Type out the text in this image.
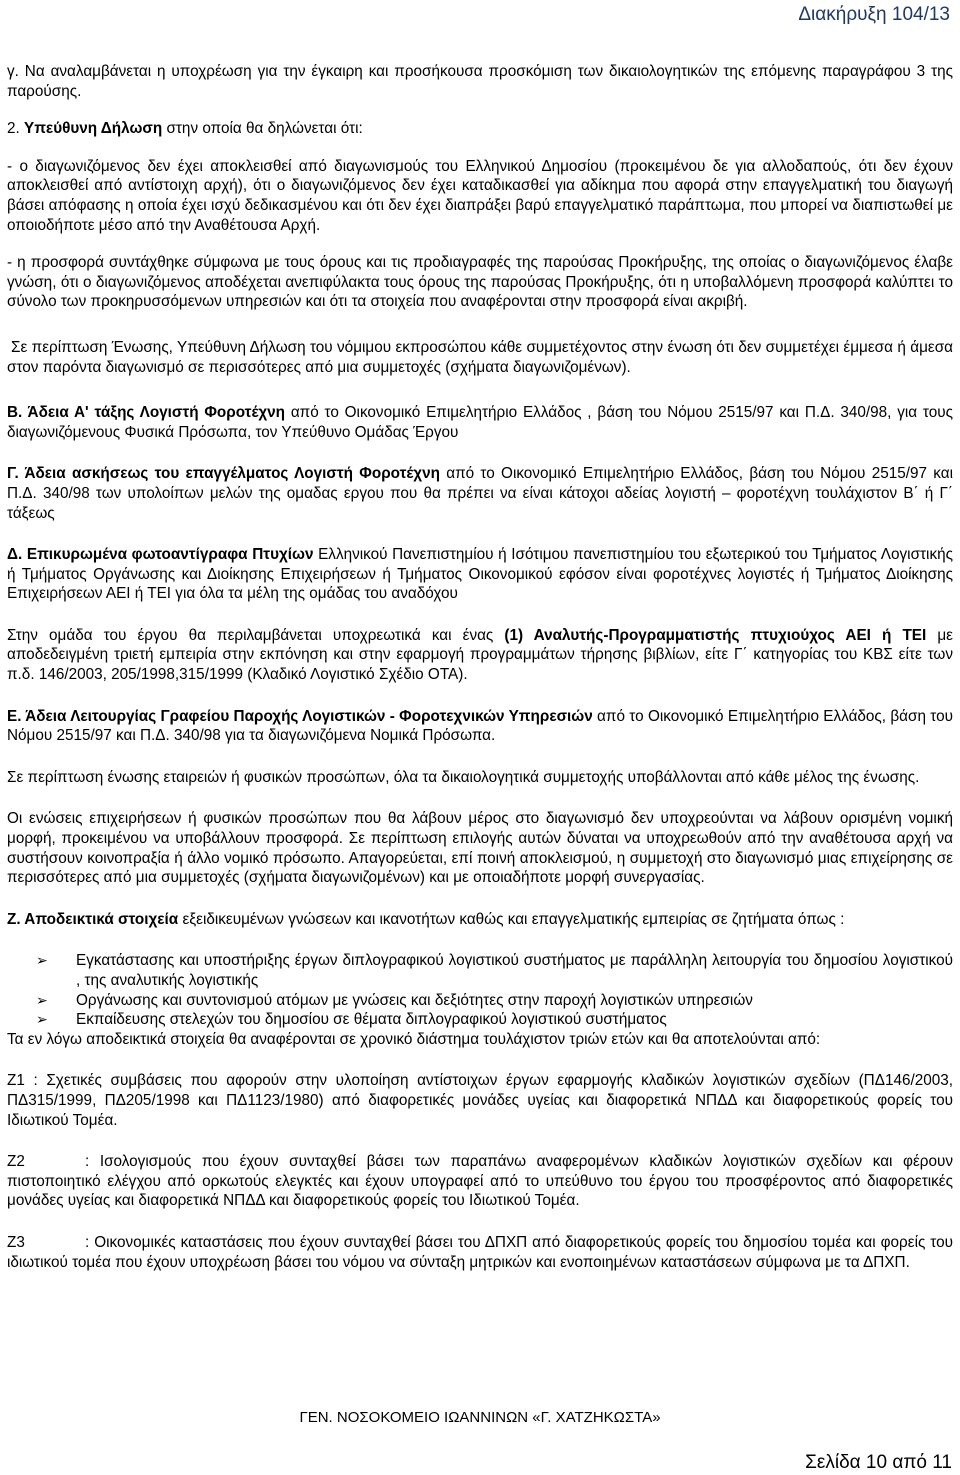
Διακήρυξη 104/13

γ. Να αναλαμβάνεται η υποχρέωση για την έγκαιρη και προσήκουσα προσκόμιση των δικαιολογητικών της επόμενης παραγράφου 3 της παρούσης.

2. Υπεύθυνη Δήλωση στην οποία θα δηλώνεται ότι:

- ο διαγωνιζόμενος δεν έχει αποκλεισθεί από διαγωνισμούς του Ελληνικού Δημοσίου (προκειμένου δε για αλλοδαπούς, ότι δεν έχουν αποκλεισθεί από αντίστοιχη αρχή), ότι ο διαγωνιζόμενος δεν έχει καταδικασθεί για αδίκημα που αφορά στην επαγγελματική του διαγωγή βάσει απόφασης η οποία έχει ισχύ δεδικασμένου και ότι δεν έχει διαπράξει βαρύ επαγγελματικό παράπτωμα, που μπορεί να διαπιστωθεί με οποιοδήποτε μέσο από την Αναθέτουσα Αρχή.

- η προσφορά συντάχθηκε σύμφωνα με τους όρους και τις προδιαγραφές της παρούσας Προκήρυξης, της οποίας ο διαγωνιζόμενος έλαβε γνώση, ότι ο διαγωνιζόμενος αποδέχεται ανεπιφύλακτα τους όρους της παρούσας Προκήρυξης, ότι η υποβαλλόμενη προσφορά καλύπτει το σύνολο των προκηρυσσόμενων υπηρεσιών και ότι τα στοιχεία που αναφέρονται στην προσφορά είναι ακριβή.

Σε περίπτωση Ένωσης, Υπεύθυνη Δήλωση του νόμιμου εκπροσώπου κάθε συμμετέχοντος στην ένωση ότι δεν συμμετέχει έμμεσα ή άμεσα στον παρόντα διαγωνισμό σε περισσότερες από μια συμμετοχές (σχήματα διαγωνιζομένων).

Β. Άδεια Α' τάξης Λογιστή Φοροτέχνη από το Οικονομικό Επιμελητήριο Ελλάδος , βάση του Νόμου 2515/97 και Π.Δ. 340/98, για τους διαγωνιζόμενους Φυσικά Πρόσωπα, τον Υπεύθυνο Ομάδας Έργου

Γ. Άδεια ασκήσεως του επαγγέλματος Λογιστή Φοροτέχνη από το Οικονομικό Επιμελητήριο Ελλάδος, βάση του Νόμου 2515/97 και Π.Δ. 340/98 των υπολοίπων μελών της ομαδας εργου που θα πρέπει να είναι κάτοχοι αδείας λογιστή – φοροτέχνη τουλάχιστον Β΄ ή Γ΄ τάξεως

Δ. Επικυρωμένα φωτοαντίγραφα Πτυχίων Ελληνικού Πανεπιστημίου ή Ισότιμου πανεπιστημίου του εξωτερικού του Τμήματος Λογιστικής ή Τμήματος Οργάνωσης και Διοίκησης Επιχειρήσεων ή Τμήματος Οικονομικού εφόσον είναι φοροτέχνες λογιστές ή Τμήματος Διοίκησης Επιχειρήσεων ΑΕΙ ή ΤΕΙ για όλα τα μέλη της ομάδας του αναδόχου

Στην ομάδα του έργου θα περιλαμβάνεται υποχρεωτικά και ένας (1) Αναλυτής-Προγραμματιστής πτυχιούχος ΑΕΙ ή ΤΕΙ με αποδεδειγμένη τριετή εμπειρία στην εκπόνηση και στην εφαρμογή προγραμμάτων τήρησης βιβλίων, είτε Γ΄ κατηγορίας του ΚΒΣ είτε των π.δ. 146/2003, 205/1998,315/1999 (Κλαδικό Λογιστικό Σχέδιο ΟΤΑ).

Ε. Άδεια Λειτουργίας Γραφείου Παροχής Λογιστικών - Φοροτεχνικών Υπηρεσιών από το Οικονομικό Επιμελητήριο Ελλάδος, βάση του Νόμου 2515/97 και Π.Δ. 340/98 για τα διαγωνιζόμενα Νομικά Πρόσωπα.

Σε περίπτωση ένωσης εταιρειών ή φυσικών προσώπων, όλα τα δικαιολογητικά συμμετοχής υποβάλλονται από κάθε μέλος της ένωσης.

Οι ενώσεις επιχειρήσεων ή φυσικών προσώπων που θα λάβουν μέρος στο διαγωνισμό δεν υποχρεούνται να λάβουν ορισμένη νομική μορφή, προκειμένου να υποβάλλουν προσφορά. Σε περίπτωση επιλογής αυτών δύναται να υποχρεωθούν από την αναθέτουσα αρχή να συστήσουν κοινοπραξία ή άλλο νομικό πρόσωπο. Απαγορεύεται, επί ποινή αποκλεισμού, η συμμετοχή στο διαγωνισμό μιας επιχείρησης σε περισσότερες από μια συμμετοχές (σχήματα διαγωνιζομένων) και με οποιαδήποτε μορφή συνεργασίας.

Ζ. Αποδεικτικά στοιχεία εξειδικευμένων γνώσεων και ικανοτήτων καθώς και επαγγελματικής εμπειρίας σε ζητήματα όπως :

➢ Εγκατάστασης και υποστήριξης έργων διπλογραφικού λογιστικού συστήματος με παράλληλη λειτουργία του δημοσίου λογιστικού , της αναλυτικής λογιστικής
➢ Οργάνωσης και συντονισμού ατόμων με γνώσεις και δεξιότητες στην παροχή λογιστικών υπηρεσιών
➢ Εκπαίδευσης στελεχών του δημοσίου σε θέματα διπλογραφικού λογιστικού συστήματος

Τα εν λόγω αποδεικτικά στοιχεία θα αναφέρονται σε χρονικό διάστημα τουλάχιστον τριών ετών και θα αποτελούνται από:

Ζ1 : Σχετικές συμβάσεις που αφορούν στην υλοποίηση αντίστοιχων έργων εφαρμογής κλαδικών λογιστικών σχεδίων (ΠΔ146/2003, ΠΔ315/1999, ΠΔ205/1998 και ΠΔ1123/1980) από διαφορετικές μονάδες υγείας και διαφορετικά ΝΠΔΔ και διαφορετικούς φορείς του Ιδιωτικού Τομέα.

Ζ2	: Ισολογισμούς που έχουν συνταχθεί βάσει των παραπάνω αναφερομένων κλαδικών λογιστικών σχεδίων και φέρουν πιστοποιητικό ελέγχου από ορκωτούς ελεγκτές και έχουν υπογραφεί από το υπεύθυνο του έργου του προσφέροντος από διαφορετικές μονάδες υγείας και διαφορετικά ΝΠΔΔ και διαφορετικούς φορείς του Ιδιωτικού Τομέα.

Ζ3	: Οικονομικές καταστάσεις που έχουν συνταχθεί βάσει του ΔΠΧΠ από διαφορετικούς φορείς του δημοσίου τομέα και φορείς του ιδιωτικού τομέα που έχουν υποχρέωση βάσει του νόμου να σύνταξη μητρικών και ενοποιημένων καταστάσεων σύμφωνα με τα ΔΠΧΠ.

ΓΕΝ. ΝΟΣΟΚΟΜΕΙΟ ΙΩΑΝΝΙΝΩΝ «Γ. ΧΑΤΖΗΚΩΣΤΑ»
Σελίδα 10 από 11
